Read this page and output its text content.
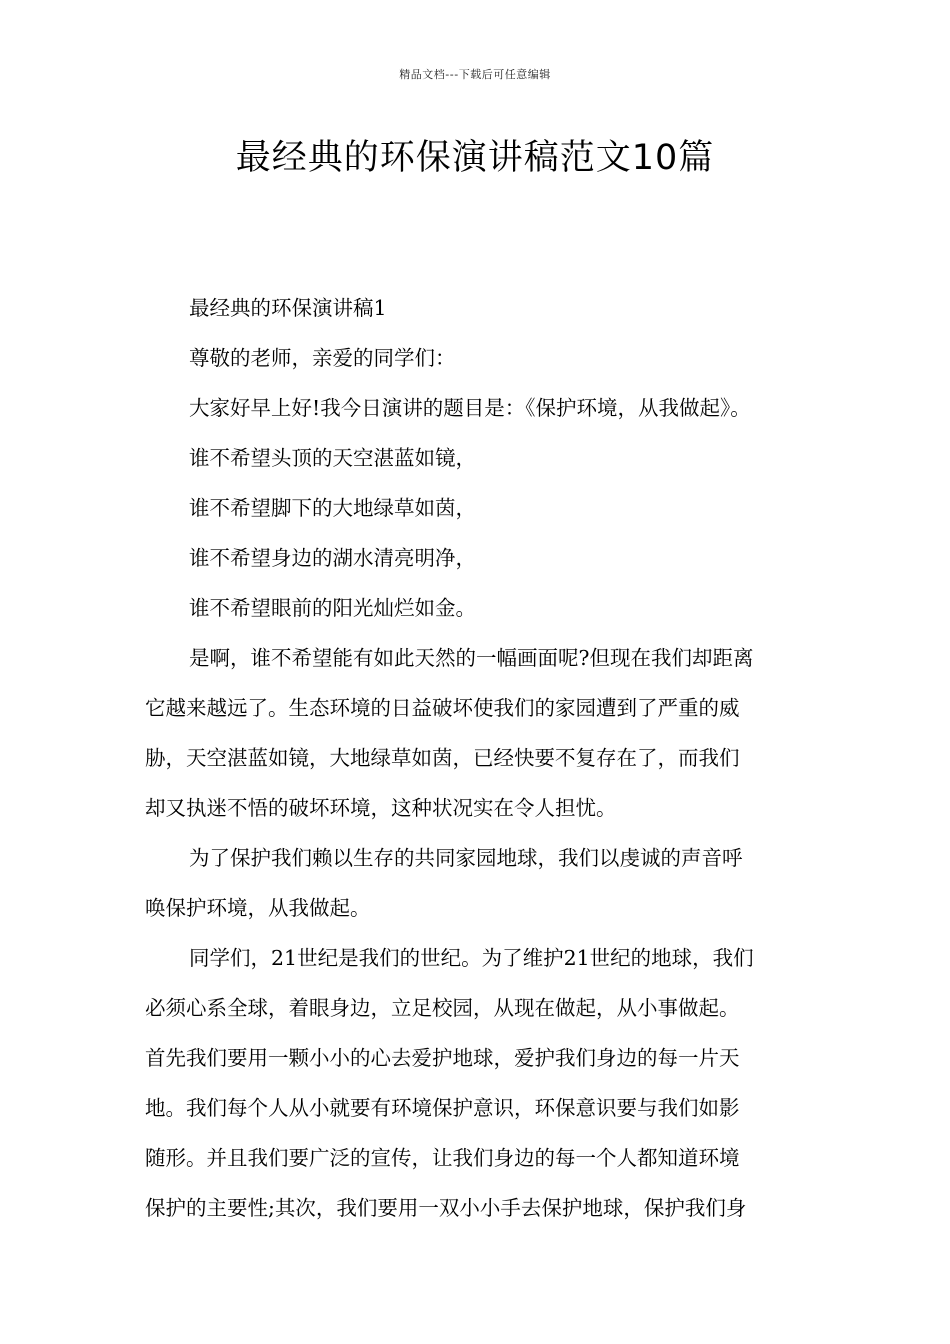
精品文档---下载后可任意编辑
最经典的环保演讲稿范文10篇

最经典的环保演讲稿1

尊敬的老师，亲爱的同学们：

大家好早上好!我今日演讲的题目是：《保护环境，从我做起》。

谁不希望头顶的天空湛蓝如镜，

谁不希望脚下的大地绿草如茵，

谁不希望身边的湖水清亮明净，

谁不希望眼前的阳光灿烂如金。

是啊，谁不希望能有如此天然的一幅画面呢?但现在我们却距离

它越来越远了。生态环境的日益破坏使我们的家园遭到了严重的威

胁，天空湛蓝如镜，大地绿草如茵，已经快要不复存在了，而我们

却又执迷不悟的破坏环境，这种状况实在令人担忧。

为了保护我们赖以生存的共同家园地球，我们以虔诚的声音呼

唤保护环境，从我做起。

同学们，21世纪是我们的世纪。为了维护21世纪的地球，我们

必须心系全球，着眼身边，立足校园，从现在做起，从小事做起。

首先我们要用一颗小小的心去爱护地球，爱护我们身边的每一片天

地。我们每个人从小就要有环境保护意识，环保意识要与我们如影

随形。并且我们要广泛的宣传，让我们身边的每一个人都知道环境

保护的主要性;其次，我们要用一双小小手去保护地球，保护我们身
